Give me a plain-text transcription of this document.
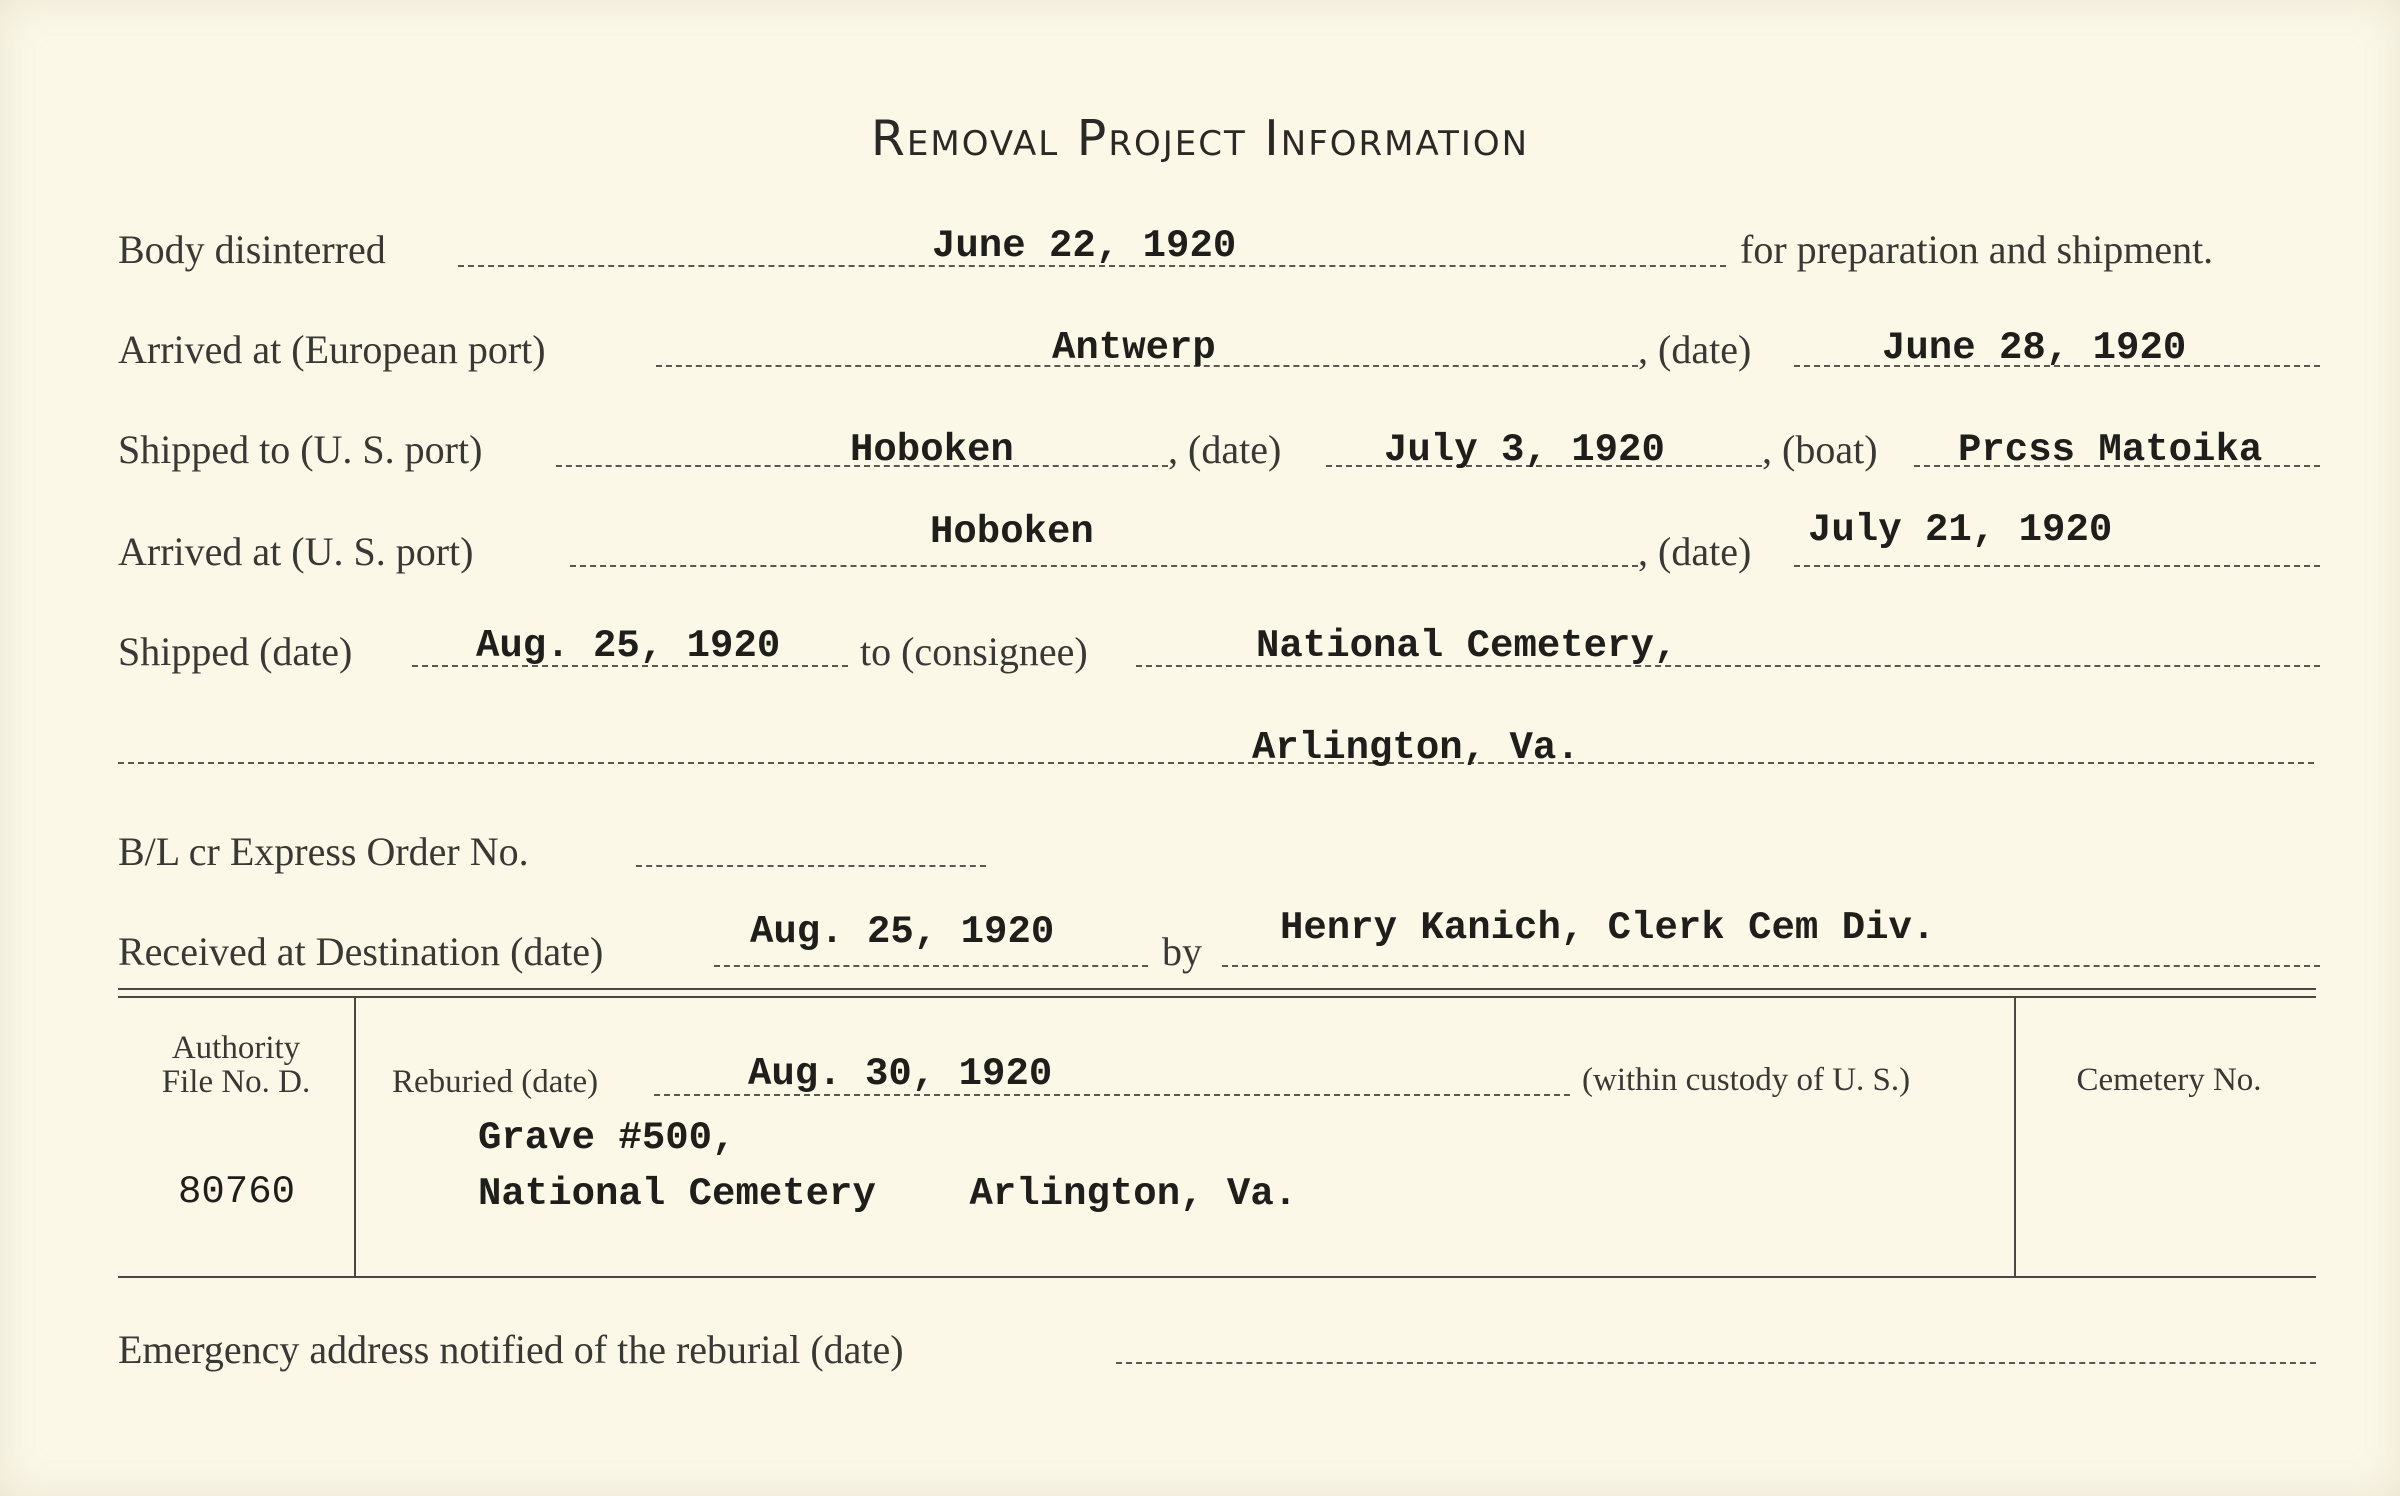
Removal Project Information
Body disinterred	June 22, 1920	for preparation and shipment.
Arrived at (European port)	Antwerp	, (date)	June 28, 1920
Shipped to (U. S. port)	Hoboken	, (date)	July 3, 1920 , (boat) Prcss Matoika
Arrived at (U. S. port)	Hoboken	, (date) July 21, 1920
Shipped (date)	Aug. 25, 1920 to (consignee)	National Cemetery,
Arlington, Va.
B/L cr Express Order No.
Received at Destination (date)	Aug. 25, 1920	by
Henry Kanich, Clerk Cem Div.
Authority
File No. D.
80760
Reburied (date)	Aug. 30, 1920	(within custody of U. S.)
Grave #500,
National Cemetery    Arlington, Va.
Cemetery No.
Emergency address notified of the reburial (date)
